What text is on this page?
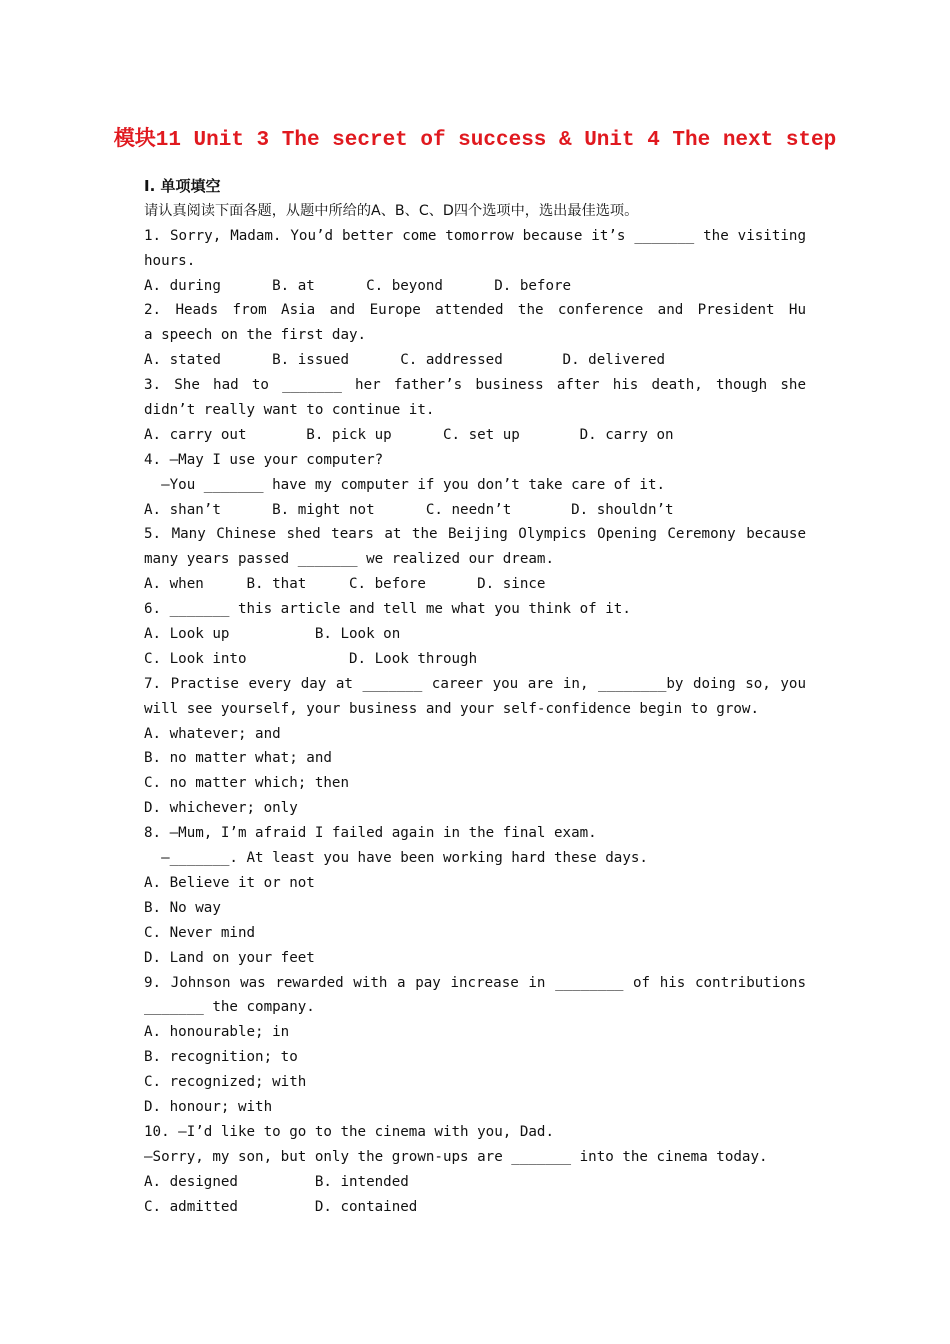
模块11 Unit 3 The secret of success & Unit 4 The next step
Ⅰ. 单项填空
请认真阅读下面各题，从题中所给的A、B、C、D四个选项中，选出最佳选项。
1. Sorry, Madam. You’d better come tomorrow because it’s _______ the visiting
hours.
A. during      B. at      C. beyond      D. before
2. Heads from Asia and Europe attended the conference and President Hu
a speech on the first day.
A. stated      B. issued      C. addressed       D. delivered
3. She had to _______ her father’s business after his death, though she
didn’t really want to continue it.
A. carry out       B. pick up      C. set up       D. carry on
4. —May I use your computer?
—You _______ have my computer if you don’t take care of it.
A. shan’t      B. might not      C. needn’t       D. shouldn’t
5. Many Chinese shed tears at the Beijing Olympics Opening Ceremony because
many years passed _______ we realized our dream.
A. when     B. that     C. before      D. since
6. _______ this article and tell me what you think of it.
A. Look up          B. Look on
C. Look into            D. Look through
7. Practise every day at _______ career you are in, ________by doing so, you
will see yourself, your business and your self-confidence begin to grow.
A. whatever; and
B. no matter what; and
C. no matter which; then
D. whichever; only
8. —Mum, I’m afraid I failed again in the final exam.
—_______. At least you have been working hard these days.
A. Believe it or not
B. No way
C. Never mind
D. Land on your feet
9. Johnson was rewarded with a pay increase in ________ of his contributions
_______ the company.
A. honourable; in
B. recognition; to
C. recognized; with
D. honour; with
10. —I’d like to go to the cinema with you, Dad.
—Sorry, my son, but only the grown-ups are _______ into the cinema today.
A. designed         B. intended
C. admitted         D. contained
